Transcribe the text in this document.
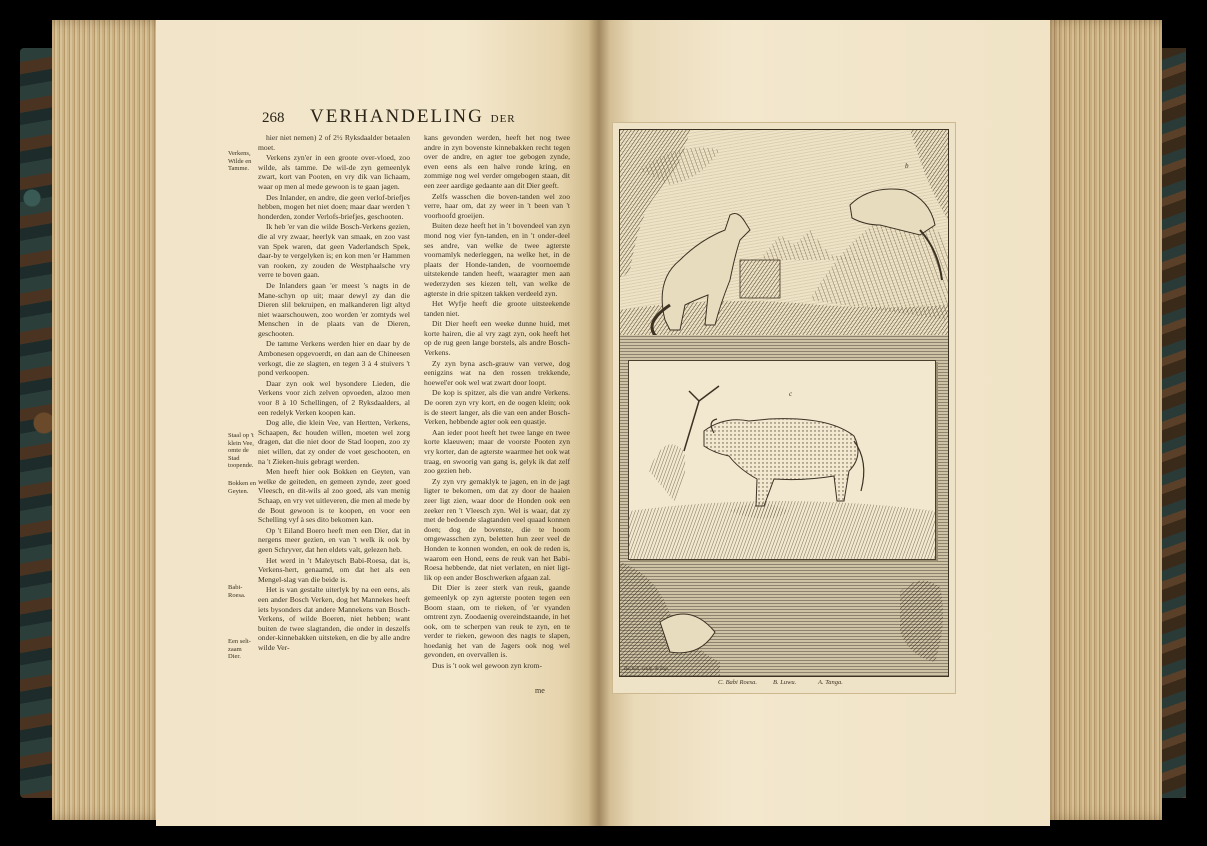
268 VERHANDELING DER
Verkens, Wilde en Tamme.
Staal op 't klein Vee, omte de Stad toopende.
Bokken en Geyten.
Babi-Roesa.
Een selt-zaam Dier.

hier niet nemen) 2 of 2½ Ryksdaalder betaalen moet.

Verkens zyn'er in een groote over-vloed, zoo wilde, als tamme. De wil-de zyn gemeenlyk zwart, kort van Pooten, en vry dik van lichaam, waar op men al mede gewoon is te gaan jagen.

Des Inlander, en andre, die geen verlof-briefjes hebben, mogen het niet doen; maar daar werden 't honderden, zonder Verlofs-briefjes, geschooten.

Ik heb 'er van die wilde Bosch-Verkens gezien, die al vry zwaar, heerlyk van smaak, en zoo vast van Spek waren, dat geen Vaderlandsch Spek, daar-by te vergelyken is; en kon men 'er Hammen van rooken, zy zouden de Westphaalsche vry verre te boven gaan.

De Inlanders gaan 'er meest 's nagts in de Mane-schyn op uit; maar dewyl zy dan die Dieren slil bekruipen, en malkanderen ligt altyd niet waarschouwen, zoo worden 'er zomtyds wel Menschen in de plaats van de Dieren, geschooten.

De tamme Verkens werden hier en daar by de Ambonesen opgevoerdt, en dan aan de Chineesen verkogt, die ze slagten, en tegen 3 à 4 stuivers 't pond verkoopen.

Daar zyn ook wel bysondere Lieden, die Verkens voor zich zelven opvoeden, alzoo men voor 8 à 10 Schellingen, of 2 Ryksdaalders, al een redelyk Verken koopen kan.

Dog alle, die klein Vee, van Hertten, Verkens, Schaapen, &c houden willen, moeten wel zorg dragen, dat die niet door de Stad loopen, zoo zy niet willen, dat zy onder de voet geschooten, en na 't Zieken-huis gebragt werden.

Men heeft hier ook Bokken en Geyten, van welke de geiteden, en gemeen zynde, zeer goed Vleesch, en dit-wils al zoo goed, als van menig Schaap, en vry vet uitleveren, die men al mede by de Bout gewoon is te koopen, en voor een Schelling vyf à ses dito bekomen kan.

Op 't Eiland Boero heeft men een Dier, dat in nergens meer gezien, en van 't welk ik ook by geen Schryver, dat hen eldets valt, gelezen heb.

Het werd in 't Maleytsch Babi-Roesa, dat is, Verkens-hert, genaamd, om dat het als een Mengel-slag van die beide is.

Het is van gestalte uiterlyk by na een eens, als een ander Bosch Verken, dog het Mannekes heeft iets bysonders dat andere Mannekens van Bosch-Verkens, of wilde Boeren, niet hebben; want buiten de twee slagtanden, die onder in deszelfs onder-kinnebakken uitsteken, en die by alle andre wilde Ver-

kans gevonden werden, heeft het nog twee andre in zyn bovenste kinnebakken recht tegen over de andre, en agter toe gebogen zynde, even eens als een halve ronde kring, en zommige nog wel verder omgebogen staan, dit een zeer aardige gedaante aan dit Dier geeft.

Zelfs wasschen die boven-tanden wel zoo verre, haar om, dat zy weer in 't been van 't voorhoofd groeijen.

Buiten deze heeft het in 't bovendeel van zyn mond nog vier fyn-tanden, en in 't onder-deel ses andre, van welke de twee agterste voornamlyk nederleggen, na welke het, in de plaats der Honde-tanden, de voornoemde uitstekende tanden heeft, waaragter men aan wederzyden ses kiezen telt, van welke de agterste in drie spitzen takken verdeeld zyn.

Het Wyfje heeft die groote uitsteekende tanden niet.

Dit Dier heeft een weeke dunne huid, met korte hairen, die al vry zagt zyn, ook heeft het op de rug geen lange borstels, als andre Bosch-Verkens.

Zy zyn byna asch-grauw van verwe, dog eenigzins wat na den rossen trekkende, hoewel'er ook wel wat zwart door loopt.

De kop is spitzer, als die van andre Verkens. De ooren zyn vry kort, en de oogen klein; ook is de steert langer, als die van een ander Bosch-Verken, hebbende agter ook een quastje.

Aan ieder poot heeft het twee lange en twee korte klaeuwen; maar de voorste Pooten zyn vry korter, dan de agterste waarmee het ook wat traag, en swoorig van gang is, gelyk ik dat zelf zoo gezien heb.

Zy zyn vry gemaklyk te jagen, en in de jagt ligter te bekomen, om dat zy door de haaien zeer ligt zien, waar door de Honden ook een zeeker ren 't Vleesch zyn. Wel is waar, dat zy met de bedoende slagtanden veel quaad konnen doen; dog de bovenste, die te hoom omgewasschen zyn, beletten hun zeer veel de Honden te konnen wonden, en ook de reden is, waarom een Hond, eens de reuk van het Babi-Roesa hebbende, dat niet verlaten, en niet ligt-lik op een ander Boschwerken afgaan zal.

Dit Dier is zeer sterk van reuk, gaande gemeenlyk op zyn agterste pooten tegen een Boom staan, om te rieken, of 'er vyanden omtrent zyn. Zoodaenig overeindstaande, in het ook, om te scherpen van reuk te zyn, en te verder te rieken, gewoon des nagts te slapen, hoedanig het van de Jagers ook nog wel gevonden, en overvallen is.

Dus is 't ook wel gewoon zyn krom-

me
b
c
Bacheli. sculp. & Exp.
C. Babi Roesa. B. Luwu.	A. Tanga.
